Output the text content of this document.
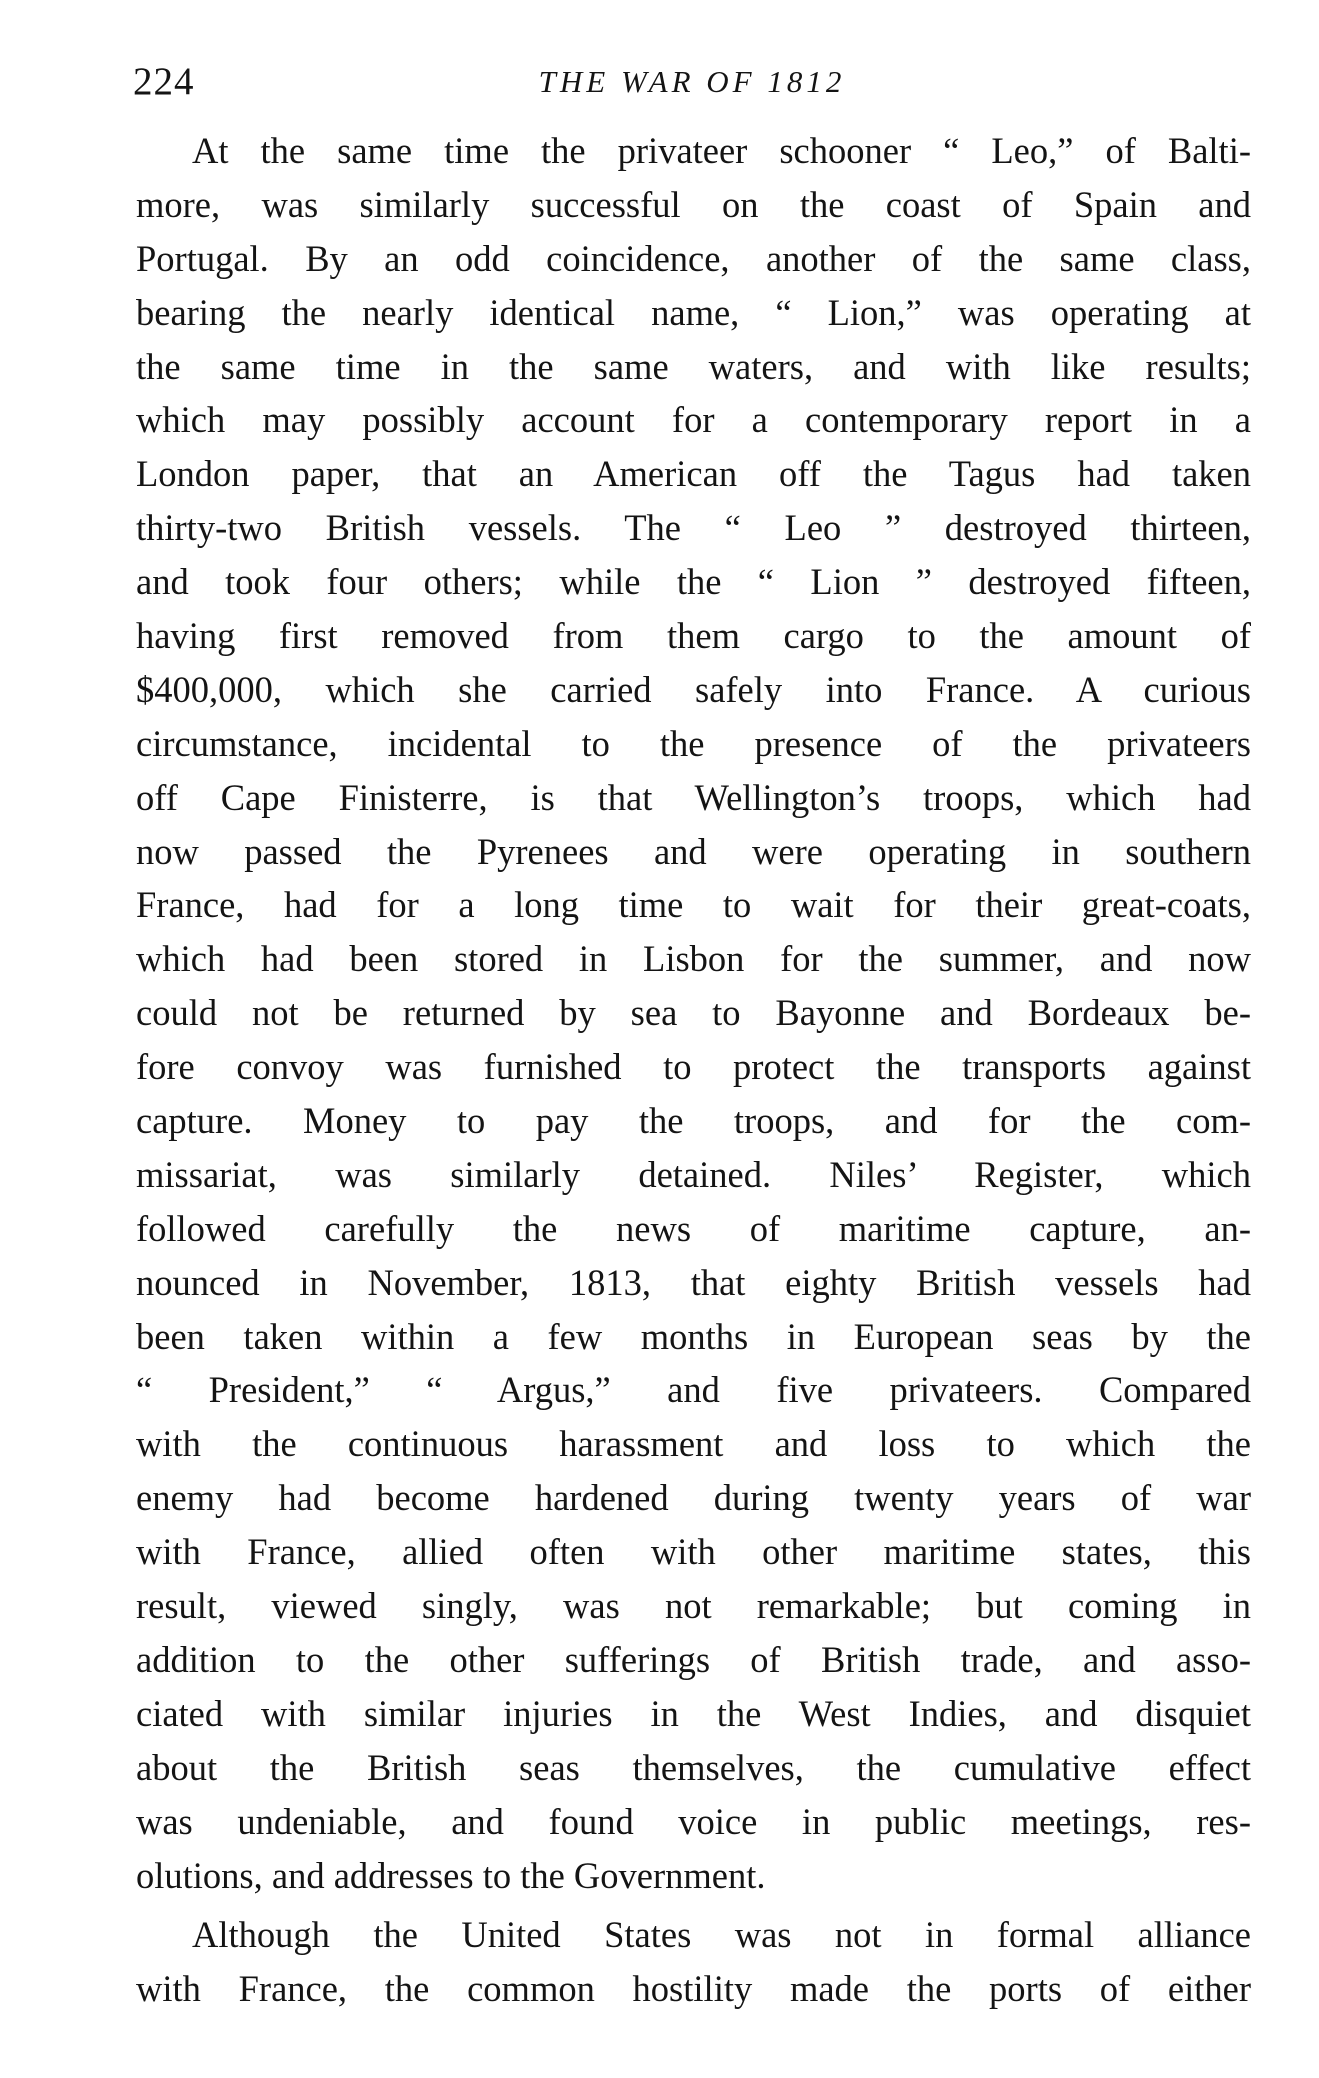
224	THE WAR OF 1812
At the same time the privateer schooner “ Leo,” of Balti-
more, was similarly successful on the coast of Spain and
Portugal. By an odd coincidence, another of the same class,
bearing the nearly identical name, “ Lion,” was operating at
the same time in the same waters, and with like results;
which may possibly account for a contemporary report in a
London paper, that an American off the Tagus had taken
thirty-two British vessels. The “ Leo ” destroyed thirteen,
and took four others; while the “ Lion ” destroyed fifteen,
having first removed from them cargo to the amount of
$400,000, which she carried safely into France. A curious
circumstance, incidental to the presence of the privateers
off Cape Finisterre, is that Wellington’s troops, which had
now passed the Pyrenees and were operating in southern
France, had for a long time to wait for their great-coats,
which had been stored in Lisbon for the summer, and now
could not be returned by sea to Bayonne and Bordeaux be-
fore convoy was furnished to protect the transports against
capture. Money to pay the troops, and for the com-
missariat, was similarly detained. Niles’ Register, which
followed carefully the news of maritime capture, an-
nounced in November, 1813, that eighty British vessels had
been taken within a few months in European seas by the
“ President,” “ Argus,” and five privateers. Compared
with the continuous harassment and loss to which the
enemy had become hardened during twenty years of war
with France, allied often with other maritime states, this
result, viewed singly, was not remarkable; but coming in
addition to the other sufferings of British trade, and asso-
ciated with similar injuries in the West Indies, and disquiet
about the British seas themselves, the cumulative effect
was undeniable, and found voice in public meetings, res-
olutions, and addresses to the Government.
Although the United States was not in formal alliance
with France, the common hostility made the ports of either
